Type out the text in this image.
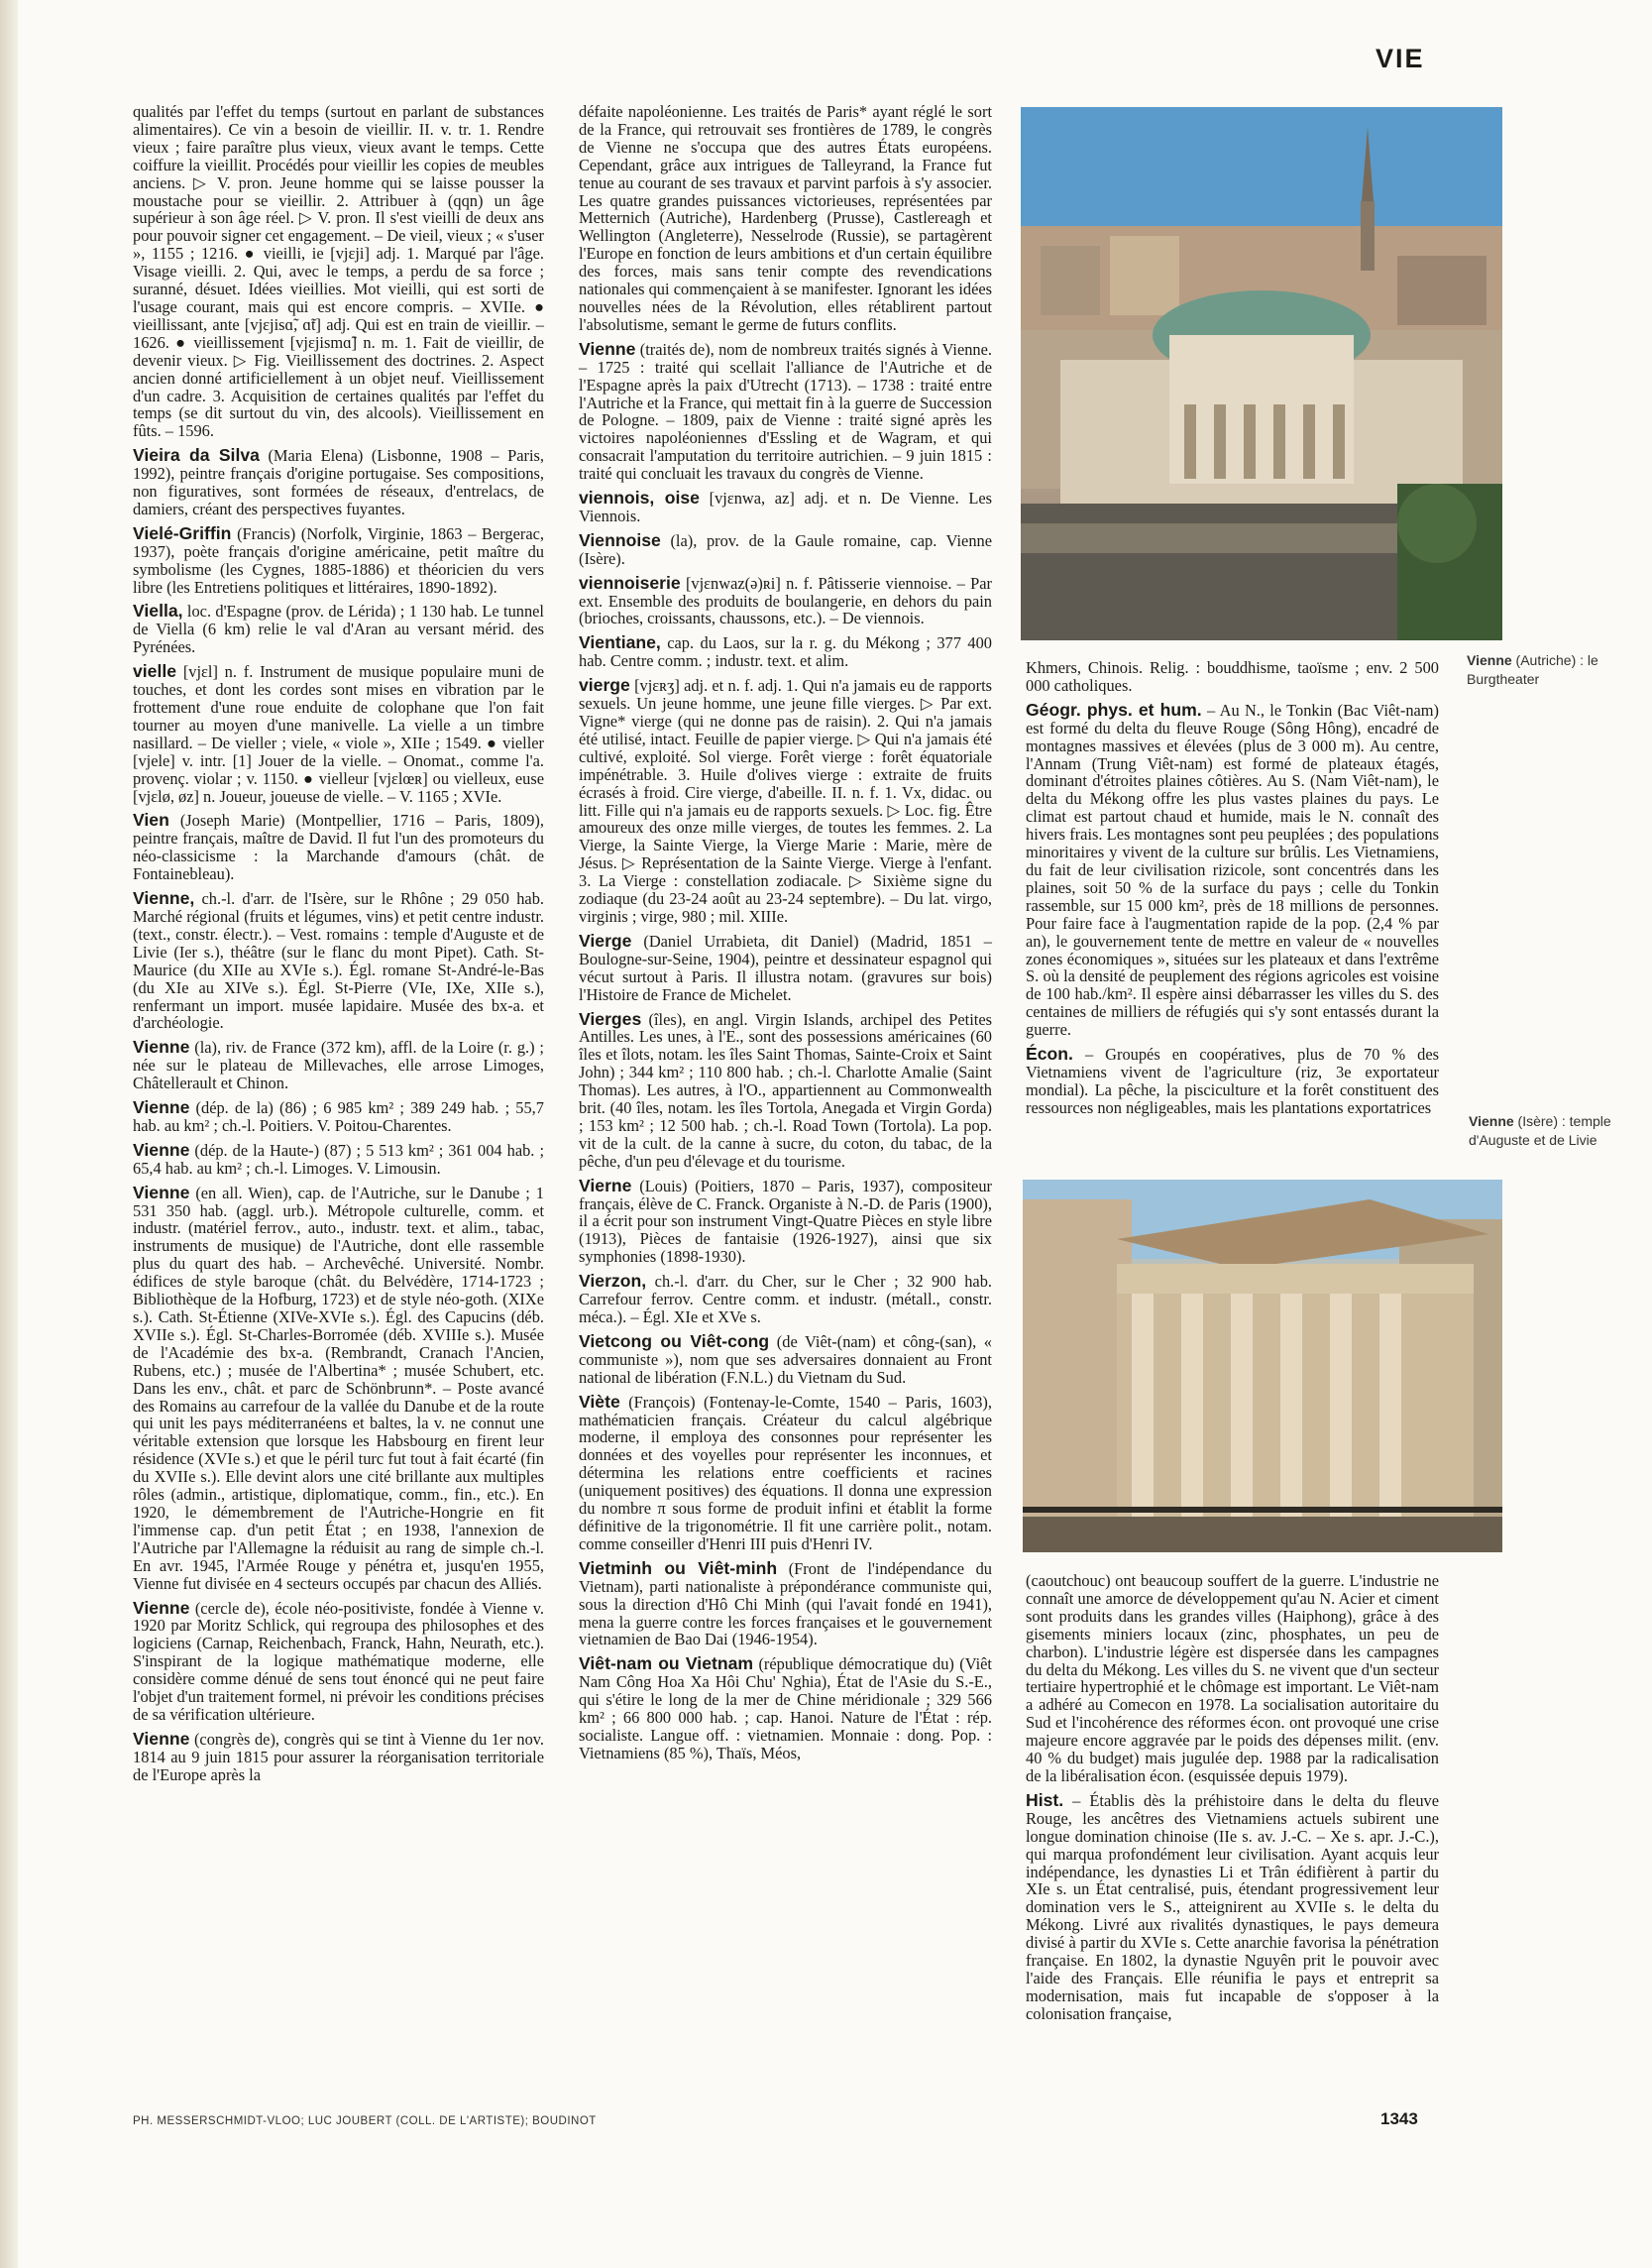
VIE

qualités par l'effet du temps (surtout en parlant de substances alimentaires). Ce vin a besoin de vieillir. II. v. tr. 1. Rendre vieux ; faire paraître plus vieux, vieux avant le temps. Cette coiffure la vieillit. Procédés pour vieillir les copies de meubles anciens. ▷ V. pron. Jeune homme qui se laisse pousser la moustache pour se vieillir. 2. Attribuer à (qqn) un âge supérieur à son âge réel. ▷ V. pron. Il s'est vieilli de deux ans pour pouvoir signer cet engagement. – De vieil, vieux ; « s'user », 1155 ; 1216. ● vieilli, ie [vjɛji] adj. 1. Marqué par l'âge. Visage vieilli. 2. Qui, avec le temps, a perdu de sa force ; suranné, désuet. Idées vieillies. Mot vieilli, qui est sorti de l'usage courant, mais qui est encore compris. – XVIIe. ● vieillissant, ante [vjɛjisɑ̃, ɑ̃t] adj. Qui est en train de vieillir. – 1626. ● vieillissement [vjɛjismɑ̃] n. m. 1. Fait de vieillir, de devenir vieux. ▷ Fig. Vieillissement des doctrines. 2. Aspect ancien donné artificiellement à un objet neuf. Vieillissement d'un cadre. 3. Acquisition de certaines qualités par l'effet du temps (se dit surtout du vin, des alcools). Vieillissement en fûts. – 1596.

Vieira da Silva (Maria Elena) (Lisbonne, 1908 – Paris, 1992), peintre français d'origine portugaise. Ses compositions, non figuratives, sont formées de réseaux, d'entrelacs, de damiers, créant des perspectives fuyantes.

Vielé-Griffin (Francis) (Norfolk, Virginie, 1863 – Bergerac, 1937), poète français d'origine américaine, petit maître du symbolisme (les Cygnes, 1885-1886) et théoricien du vers libre (les Entretiens politiques et littéraires, 1890-1892).

Viella, loc. d'Espagne (prov. de Lérida) ; 1 130 hab. Le tunnel de Viella (6 km) relie le val d'Aran au versant mérid. des Pyrénées.

vielle [vjɛl] n. f. Instrument de musique populaire muni de touches, et dont les cordes sont mises en vibration par le frottement d'une roue enduite de colophane que l'on fait tourner au moyen d'une manivelle. La vielle a un timbre nasillard. – De vieller ; viele, « viole », XIIe ; 1549. ● vieller [vjele] v. intr. [1] Jouer de la vielle. – Onomat., comme l'a. provenç. violar ; v. 1150. ● vielleur [vjɛlœʀ] ou vielleux, euse [vjɛlø, øz] n. Joueur, joueuse de vielle. – V. 1165 ; XVIe.

Vien (Joseph Marie) (Montpellier, 1716 – Paris, 1809), peintre français, maître de David. Il fut l'un des promoteurs du néo-classicisme : la Marchande d'amours (chât. de Fontainebleau).

Vienne, ch.-l. d'arr. de l'Isère, sur le Rhône ; 29 050 hab. Marché régional (fruits et légumes, vins) et petit centre industr. (text., constr. électr.). – Vest. romains : temple d'Auguste et de Livie (Ier s.), théâtre (sur le flanc du mont Pipet). Cath. St-Maurice (du XIIe au XVIe s.). Égl. romane St-André-le-Bas (du XIe au XIVe s.). Égl. St-Pierre (VIe, IXe, XIIe s.), renfermant un import. musée lapidaire. Musée des bx-a. et d'archéologie.

Vienne (la), riv. de France (372 km), affl. de la Loire (r. g.) ; née sur le plateau de Millevaches, elle arrose Limoges, Châtellerault et Chinon.

Vienne (dép. de la) (86) ; 6 985 km² ; 389 249 hab. ; 55,7 hab. au km² ; ch.-l. Poitiers. V. Poitou-Charentes.

Vienne (dép. de la Haute-) (87) ; 5 513 km² ; 361 004 hab. ; 65,4 hab. au km² ; ch.-l. Limoges. V. Limousin.

Vienne (en all. Wien), cap. de l'Autriche, sur le Danube ; 1 531 350 hab. (aggl. urb.). Métropole culturelle, comm. et industr. (matériel ferrov., auto., industr. text. et alim., tabac, instruments de musique) de l'Autriche, dont elle rassemble plus du quart des hab. – Archevêché. Université. Nombr. édifices de style baroque (chât. du Belvédère, 1714-1723 ; Bibliothèque de la Hofburg, 1723) et de style néo-goth. (XIXe s.). Cath. St-Étienne (XIVe-XVIe s.). Égl. des Capucins (déb. XVIIe s.). Égl. St-Charles-Borromée (déb. XVIIIe s.). Musée de l'Académie des bx-a. (Rembrandt, Cranach l'Ancien, Rubens, etc.) ; musée de l'Albertina* ; musée Schubert, etc. Dans les env., chât. et parc de Schönbrunn*. – Poste avancé des Romains au carrefour de la vallée du Danube et de la route qui unit les pays méditerranéens et baltes, la v. ne connut une véritable extension que lorsque les Habsbourg en firent leur résidence (XVIe s.) et que le péril turc fut tout à fait écarté (fin du XVIIe s.). Elle devint alors une cité brillante aux multiples rôles (admin., artistique, diplomatique, comm., fin., etc.). En 1920, le démembrement de l'Autriche-Hongrie en fit l'immense cap. d'un petit État ; en 1938, l'annexion de l'Autriche par l'Allemagne la réduisit au rang de simple ch.-l. En avr. 1945, l'Armée Rouge y pénétra et, jusqu'en 1955, Vienne fut divisée en 4 secteurs occupés par chacun des Alliés.

Vienne (cercle de), école néo-positiviste, fondée à Vienne v. 1920 par Moritz Schlick, qui regroupa des philosophes et des logiciens (Carnap, Reichenbach, Franck, Hahn, Neurath, etc.). S'inspirant de la logique mathématique moderne, elle considère comme dénué de sens tout énoncé qui ne peut faire l'objet d'un traitement formel, ni prévoir les conditions précises de sa vérification ultérieure.

Vienne (congrès de), congrès qui se tint à Vienne du 1er nov. 1814 au 9 juin 1815 pour assurer la réorganisation territoriale de l'Europe après la

défaite napoléonienne. Les traités de Paris* ayant réglé le sort de la France, qui retrouvait ses frontières de 1789, le congrès de Vienne ne s'occupa que des autres États européens. Cependant, grâce aux intrigues de Talleyrand, la France fut tenue au courant de ses travaux et parvint parfois à s'y associer. Les quatre grandes puissances victorieuses, représentées par Metternich (Autriche), Hardenberg (Prusse), Castlereagh et Wellington (Angleterre), Nesselrode (Russie), se partagèrent l'Europe en fonction de leurs ambitions et d'un certain équilibre des forces, mais sans tenir compte des revendications nationales qui commençaient à se manifester. Ignorant les idées nouvelles nées de la Révolution, elles rétablirent partout l'absolutisme, semant le germe de futurs conflits.

Vienne (traités de), nom de nombreux traités signés à Vienne. – 1725 : traité qui scellait l'alliance de l'Autriche et de l'Espagne après la paix d'Utrecht (1713). – 1738 : traité entre l'Autriche et la France, qui mettait fin à la guerre de Succession de Pologne. – 1809, paix de Vienne : traité signé après les victoires napoléoniennes d'Essling et de Wagram, et qui consacrait l'amputation du territoire autrichien. – 9 juin 1815 : traité qui concluait les travaux du congrès de Vienne.

viennois, oise [vjɛnwa, az] adj. et n. De Vienne. Les Viennois.

Viennoise (la), prov. de la Gaule romaine, cap. Vienne (Isère).

viennoiserie [vjɛnwaz(ə)ʀi] n. f. Pâtisserie viennoise. – Par ext. Ensemble des produits de boulangerie, en dehors du pain (brioches, croissants, chaussons, etc.). – De viennois.

Vientiane, cap. du Laos, sur la r. g. du Mékong ; 377 400 hab. Centre comm. ; industr. text. et alim.

vierge [vjɛʀʒ] adj. et n. f. adj. 1. Qui n'a jamais eu de rapports sexuels. Un jeune homme, une jeune fille vierges. ▷ Par ext. Vigne* vierge (qui ne donne pas de raisin). 2. Qui n'a jamais été utilisé, intact. Feuille de papier vierge. ▷ Qui n'a jamais été cultivé, exploité. Sol vierge. Forêt vierge : forêt équatoriale impénétrable. 3. Huile d'olives vierge : extraite de fruits écrasés à froid. Cire vierge, d'abeille. II. n. f. 1. Vx, didac. ou litt. Fille qui n'a jamais eu de rapports sexuels. ▷ Loc. fig. Être amoureux des onze mille vierges, de toutes les femmes. 2. La Vierge, la Sainte Vierge, la Vierge Marie : Marie, mère de Jésus. ▷ Représentation de la Sainte Vierge. Vierge à l'enfant. 3. La Vierge : constellation zodiacale. ▷ Sixième signe du zodiaque (du 23-24 août au 23-24 septembre). – Du lat. virgo, virginis ; virge, 980 ; mil. XIIIe.

Vierge (Daniel Urrabieta, dit Daniel) (Madrid, 1851 – Boulogne-sur-Seine, 1904), peintre et dessinateur espagnol qui vécut surtout à Paris. Il illustra notam. (gravures sur bois) l'Histoire de France de Michelet.

Vierges (îles), en angl. Virgin Islands, archipel des Petites Antilles. Les unes, à l'E., sont des possessions américaines (60 îles et îlots, notam. les îles Saint Thomas, Sainte-Croix et Saint John) ; 344 km² ; 110 800 hab. ; ch.-l. Charlotte Amalie (Saint Thomas). Les autres, à l'O., appartiennent au Commonwealth brit. (40 îles, notam. les îles Tortola, Anegada et Virgin Gorda) ; 153 km² ; 12 500 hab. ; ch.-l. Road Town (Tortola). La pop. vit de la cult. de la canne à sucre, du coton, du tabac, de la pêche, d'un peu d'élevage et du tourisme.

Vierne (Louis) (Poitiers, 1870 – Paris, 1937), compositeur français, élève de C. Franck. Organiste à N.-D. de Paris (1900), il a écrit pour son instrument Vingt-Quatre Pièces en style libre (1913), Pièces de fantaisie (1926-1927), ainsi que six symphonies (1898-1930).

Vierzon, ch.-l. d'arr. du Cher, sur le Cher ; 32 900 hab. Carrefour ferrov. Centre comm. et industr. (métall., constr. méca.). – Égl. XIe et XVe s.

Vietcong ou Viêt-cong (de Viêt-(nam) et công-(san), « communiste »), nom que ses adversaires donnaient au Front national de libération (F.N.L.) du Vietnam du Sud.

Viète (François) (Fontenay-le-Comte, 1540 – Paris, 1603), mathématicien français. Créateur du calcul algébrique moderne, il employa des consonnes pour représenter les données et des voyelles pour représenter les inconnues, et détermina les relations entre coefficients et racines (uniquement positives) des équations. Il donna une expression du nombre π sous forme de produit infini et établit la forme définitive de la trigonométrie. Il fit une carrière polit., notam. comme conseiller d'Henri III puis d'Henri IV.

Vietminh ou Viêt-minh (Front de l'indépendance du Vietnam), parti nationaliste à prépondérance communiste qui, sous la direction d'Hô Chi Minh (qui l'avait fondé en 1941), mena la guerre contre les forces françaises et le gouvernement vietnamien de Bao Dai (1946-1954).

Viêt-nam ou Vietnam (république démocratique du) (Viêt Nam Công Hoa Xa Hôi Chu' Nghia), État de l'Asie du S.-E., qui s'étire le long de la mer de Chine méridionale ; 329 566 km² ; 66 800 000 hab. ; cap. Hanoi. Nature de l'État : rép. socialiste. Langue off. : vietnamien. Monnaie : dong. Pop. : Vietnamiens (85 %), Thaïs, Méos,

Vienne (Autriche) : le Burgtheater

Khmers, Chinois. Relig. : bouddhisme, taoïsme ; env. 2 500 000 catholiques.

Géogr. phys. et hum. – Au N., le Tonkin (Bac Viêt-nam) est formé du delta du fleuve Rouge (Sông Hông), encadré de montagnes massives et élevées (plus de 3 000 m). Au centre, l'Annam (Trung Viêt-nam) est formé de plateaux étagés, dominant d'étroites plaines côtières. Au S. (Nam Viêt-nam), le delta du Mékong offre les plus vastes plaines du pays. Le climat est partout chaud et humide, mais le N. connaît des hivers frais. Les montagnes sont peu peuplées ; des populations minoritaires y vivent de la culture sur brûlis. Les Vietnamiens, du fait de leur civilisation rizicole, sont concentrés dans les plaines, soit 50 % de la surface du pays ; celle du Tonkin rassemble, sur 15 000 km², près de 18 millions de personnes. Pour faire face à l'augmentation rapide de la pop. (2,4 % par an), le gouvernement tente de mettre en valeur de « nouvelles zones économiques », situées sur les plateaux et dans l'extrême S. où la densité de peuplement des régions agricoles est voisine de 100 hab./km². Il espère ainsi débarrasser les villes du S. des centaines de milliers de réfugiés qui s'y sont entassés durant la guerre.

Écon. – Groupés en coopératives, plus de 70 % des Vietnamiens vivent de l'agriculture (riz, 3e exportateur mondial). La pêche, la pisciculture et la forêt constituent des ressources non négligeables, mais les plantations exportatrices

Vienne (Isère) : temple d'Auguste et de Livie

(caoutchouc) ont beaucoup souffert de la guerre. L'industrie ne connaît une amorce de développement qu'au N. Acier et ciment sont produits dans les grandes villes (Haiphong), grâce à des gisements miniers locaux (zinc, phosphates, un peu de charbon). L'industrie légère est dispersée dans les campagnes du delta du Mékong. Les villes du S. ne vivent que d'un secteur tertiaire hypertrophié et le chômage est important. Le Viêt-nam a adhéré au Comecon en 1978. La socialisation autoritaire du Sud et l'incohérence des réformes écon. ont provoqué une crise majeure encore aggravée par le poids des dépenses milit. (env. 40 % du budget) mais jugulée dep. 1988 par la radicalisation de la libéralisation écon. (esquissée depuis 1979).

Hist. – Établis dès la préhistoire dans le delta du fleuve Rouge, les ancêtres des Vietnamiens actuels subirent une longue domination chinoise (IIe s. av. J.-C. – Xe s. apr. J.-C.), qui marqua profondément leur civilisation. Ayant acquis leur indépendance, les dynasties Li et Trân édifièrent à partir du XIe s. un État centralisé, puis, étendant progressivement leur domination vers le S., atteignirent au XVIIe s. le delta du Mékong. Livré aux rivalités dynastiques, le pays demeura divisé à partir du XVIe s. Cette anarchie favorisa la pénétration française. En 1802, la dynastie Nguyên prit le pouvoir avec l'aide des Français. Elle réunifia le pays et entreprit sa modernisation, mais fut incapable de s'opposer à la colonisation française,

PH. MESSERSCHMIDT-VLOO; LUC JOUBERT (COLL. DE L'ARTISTE); BOUDINOT	1343
